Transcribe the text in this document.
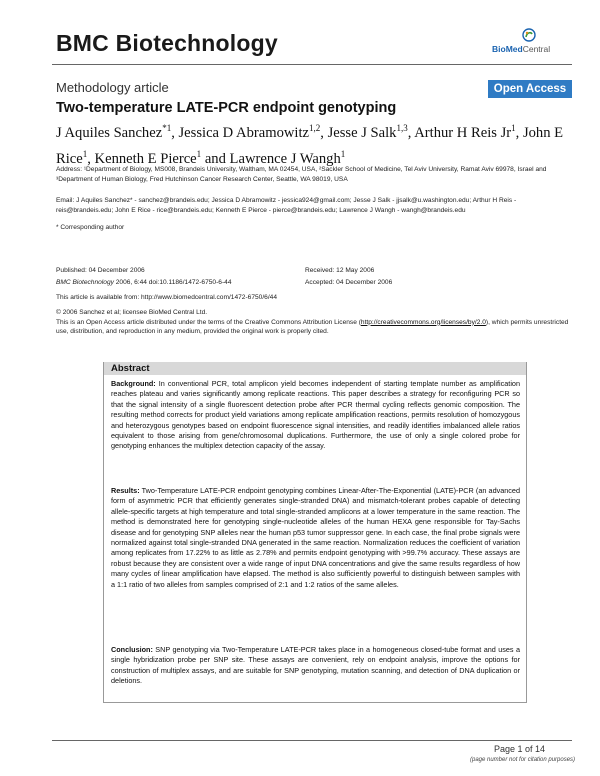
BMC Biotechnology	BioMedCentral
Methodology article	Open Access
Two-temperature LATE-PCR endpoint genotyping
J Aquiles Sanchez$^{*1}$, Jessica D Abramowitz$^{1,2}$, Jesse J Salk$^{1,3}$, Arthur H Reis Jr$^1$, John E Rice$^1$, Kenneth E Pierce$^1$ and Lawrence J Wangh$^1$
Address: ¹Department of Biology, MS008, Brandeis University, Waltham, MA 02454, USA, ²Sackler School of Medicine, Tel Aviv University, Ramat Aviv 69978, Israel and ³Department of Human Biology, Fred Hutchinson Cancer Research Center, Seattle, WA 98019, USA
Email: J Aquiles Sanchez* - sanchez@brandeis.edu; Jessica D Abramowitz - jessica924@gmail.com; Jesse J Salk - jjsalk@u.washington.edu; Arthur H Reis - reis@brandeis.edu; John E Rice - rice@brandeis.edu; Kenneth E Pierce - pierce@brandeis.edu; Lawrence J Wangh - wangh@brandeis.edu
* Corresponding author
Published: 04 December 2006	Received: 12 May 2006
BMC Biotechnology 2006, 6:44 doi:10.1186/1472-6750-6-44	Accepted: 04 December 2006
This article is available from: http://www.biomedcentral.com/1472-6750/6/44
© 2006 Sanchez et al; licensee BioMed Central Ltd.
This is an Open Access article distributed under the terms of the Creative Commons Attribution License (http://creativecommons.org/licenses/by/2.0), which permits unrestricted use, distribution, and reproduction in any medium, provided the original work is properly cited.
Abstract
Background: In conventional PCR, total amplicon yield becomes independent of starting template number as amplification reaches plateau and varies significantly among replicate reactions. This paper describes a strategy for reconfiguring PCR so that the signal intensity of a single fluorescent detection probe after PCR thermal cycling reflects genomic composition. The resulting method corrects for product yield variations among replicate amplification reactions, permits resolution of homozygous and heterozygous genotypes based on endpoint fluorescence signal intensities, and readily identifies imbalanced allele ratios equivalent to those arising from gene/chromosomal duplications. Furthermore, the use of only a single colored probe for genotyping enhances the multiplex detection capacity of the assay.
Results: Two-Temperature LATE-PCR endpoint genotyping combines Linear-After-The-Exponential (LATE)-PCR (an advanced form of asymmetric PCR that efficiently generates single-stranded DNA) and mismatch-tolerant probes capable of detecting allele-specific targets at high temperature and total single-stranded amplicons at a lower temperature in the same reaction. The method is demonstrated here for genotyping single-nucleotide alleles of the human HEXA gene responsible for Tay-Sachs disease and for genotyping SNP alleles near the human p53 tumor suppressor gene. In each case, the final probe signals were normalized against total single-stranded DNA generated in the same reaction. Normalization reduces the coefficient of variation among replicates from 17.22% to as little as 2.78% and permits endpoint genotyping with >99.7% accuracy. These assays are robust because they are consistent over a wide range of input DNA concentrations and give the same results regardless of how many cycles of linear amplification have elapsed. The method is also sufficiently powerful to distinguish between samples with a 1:1 ratio of two alleles from samples comprised of 2:1 and 1:2 ratios of the same alleles.
Conclusion: SNP genotyping via Two-Temperature LATE-PCR takes place in a homogeneous closed-tube format and uses a single hybridization probe per SNP site. These assays are convenient, rely on endpoint analysis, improve the options for construction of multiplex assays, and are suitable for SNP genotyping, mutation scanning, and detection of DNA duplication or deletions.
Page 1 of 14
(page number not for citation purposes)
